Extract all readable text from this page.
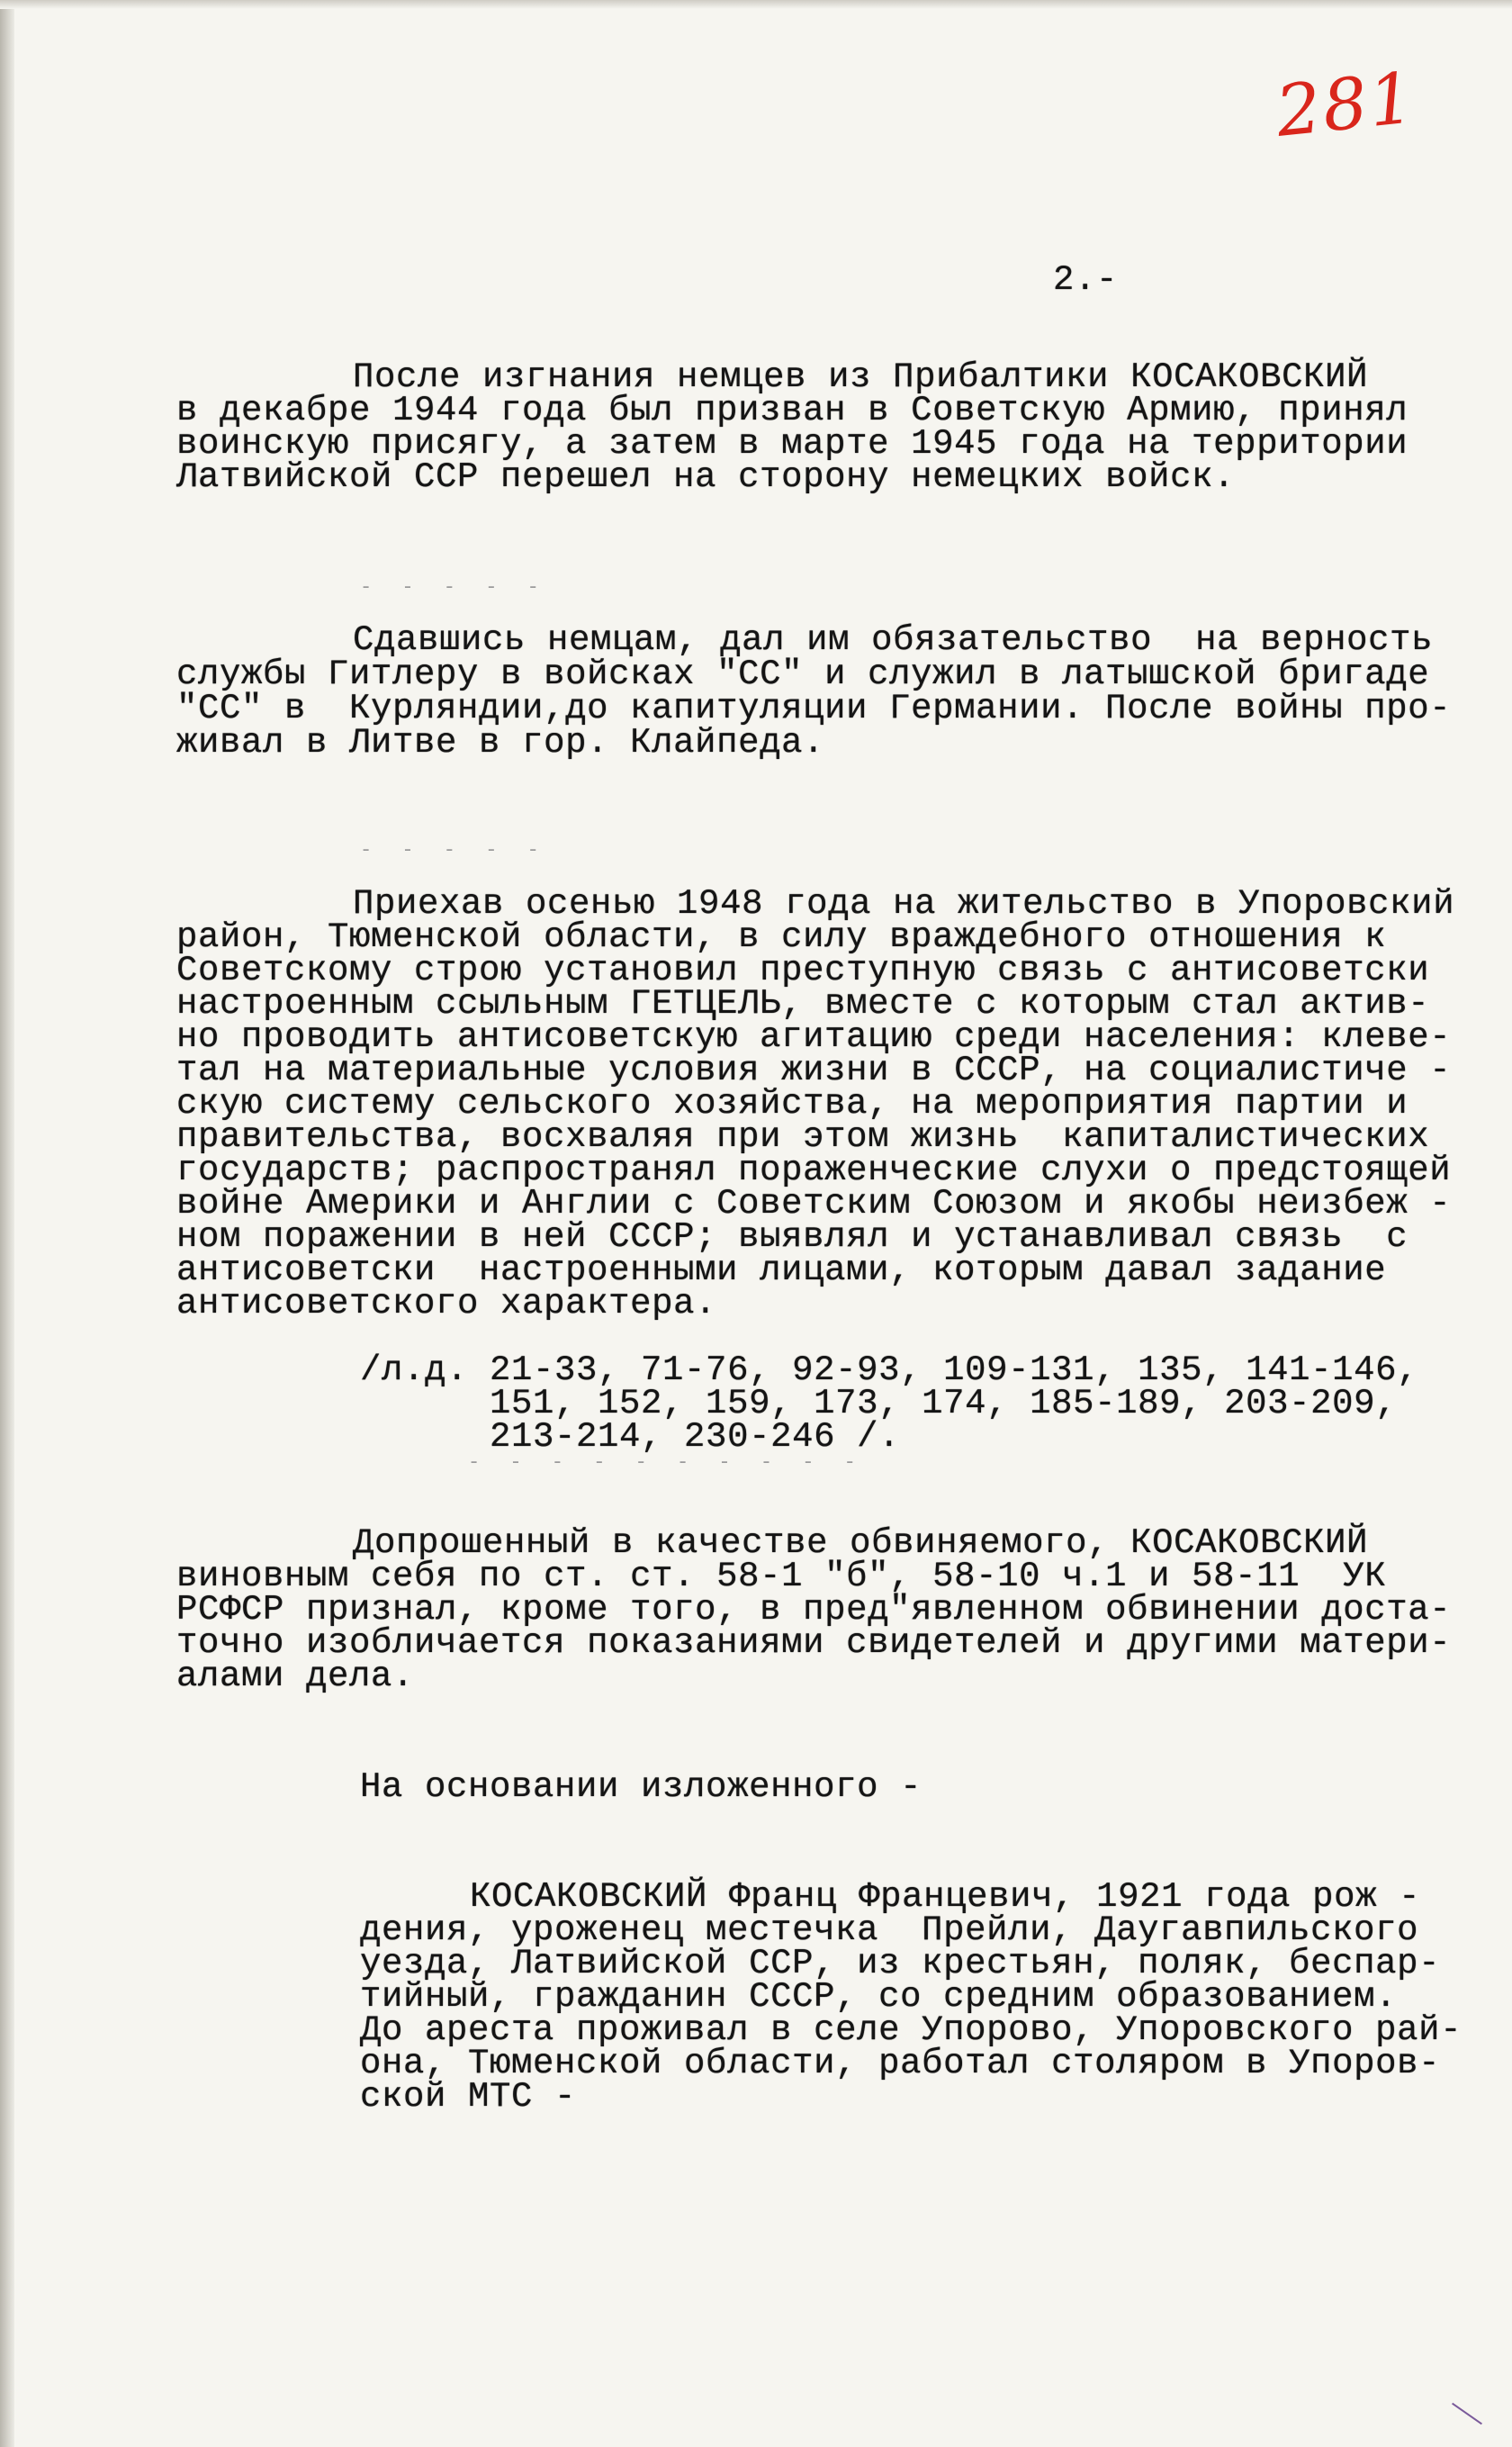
281
2.-
После изгнания немцев из Прибалтики КОСАКОВСКИЙ
в декабре 1944 года был призван в Советскую Армию, принял
воинскую присягу, а затем в марте 1945 года на территории
Латвийской ССР перешел на сторону немецких войск.
- - - - -
Сдавшись немцам, дал им обязательство  на верность
службы Гитлеру в войсках "СС" и служил в латышской бригаде
"СС" в  Курляндии,до капитуляции Германии. После войны про-
живал в Литве в гор. Клайпеда.
- - - - -
Приехав осенью 1948 года на жительство в Упоровский
район, Тюменской области, в силу враждебного отношения к
Советскому строю установил преступную связь с антисоветски
настроенным ссыльным ГЕТЦЕЛЬ, вместе с которым стал актив-
но проводить антисоветскую агитацию среди населения: клеве-
тал на материальные условия жизни в СССР, на социалистиче -
скую систему сельского хозяйства, на мероприятия партии и
правительства, восхваляя при этом жизнь  капиталистических
государств; распространял пораженческие слухи о предстоящей
войне Америки и Англии с Советским Союзом и якобы неизбеж -
ном поражении в ней СССР; выявлял и устанавливал связь  с
антисоветски  настроенными лицами, которым давал задание
антисоветского характера.
/л.д. 21-33, 71-76, 92-93, 109-131, 135, 141-146,
151, 152, 159, 173, 174, 185-189, 203-209,
213-214, 230-246 /.
- - - - - - - - - -
Допрошенный в качестве обвиняемого, КОСАКОВСКИЙ
виновным себя по ст. ст. 58-1 "б", 58-10 ч.1 и 58-11  УК
РСФСР признал, кроме того, в пред"явленном обвинении доста-
точно изобличается показаниями свидетелей и другими матери-
алами дела.
На основании изложенного -
КОСАКОВСКИЙ Франц Францевич, 1921 года рож -
дения, уроженец местечка  Прейли, Даугавпильского
уезда, Латвийской ССР, из крестьян, поляк, беспар-
тийный, гражданин СССР, со средним образованием.
До ареста проживал в селе Упорово, Упоровского рай-
она, Тюменской области, работал столяром в Упоров-
ской МТС -
